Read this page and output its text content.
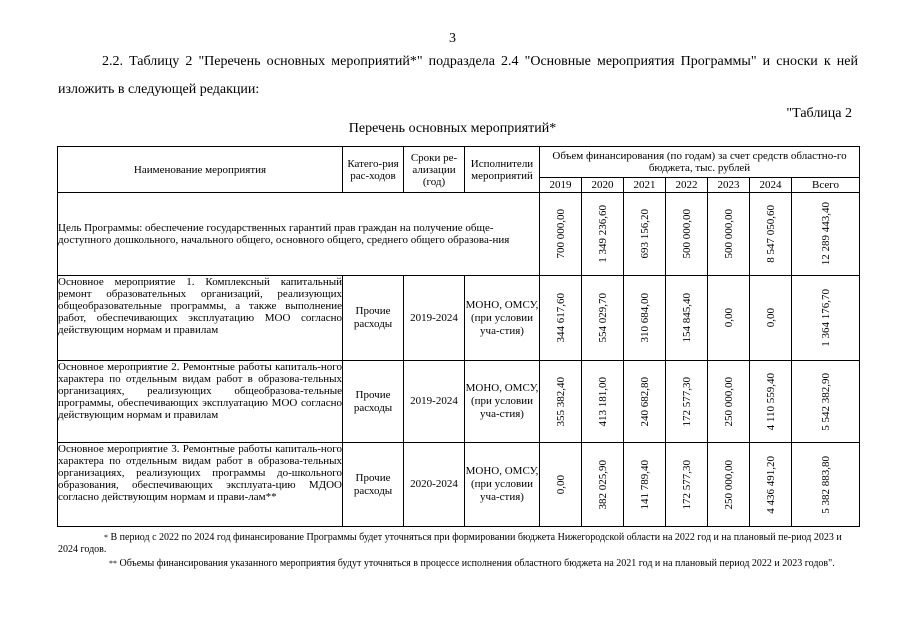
3
2.2. Таблицу 2 "Перечень основных мероприятий*" подраздела 2.4 "Основные мероприятия Программы" и сноски к ней изложить в следующей редакции:
"Таблица 2
Перечень основных мероприятий*
Наименование мероприятия	Катего-рия рас-ходов	Сроки ре-ализации (год)	Исполнители мероприятий	Объем финансирования (по годам) за счет средств областно-го бюджета, тыс. рублей						
				2019	2020	2021	2022	2023	2024	Всего
Цель Программы: обеспечение государственных гарантий прав граждан на получение обще-доступного дошкольного, начального общего, основного общего, среднего общего образова-ния				700 000,00	1 349 236,60	693 156,20	500 000,00	500 000,00	8 547 050,60	12 289 443,40

Основное мероприятие 1. Комплексный капитальный ремонт образовательных организаций, реализующих общеобразовательные программы, а также выполнение работ, обеспечивающих эксплуатацию МОО согласно действующим нормам и правилам	Прочие расходы	2019-2024	МОНО, ОМСУ, (при условии уча-стия)	344 617,60	554 029,70	310 684,00	154 845,40	0,00	0,00	1 364 176,70

Основное мероприятие 2. Ремонтные работы капиталь-ного характера по отдельным видам работ в образова-тельных организациях, реализующих общеобразова-тельные программы, обеспечивающих эксплуатацию МОО согласно действующим нормам и правилам	Прочие расходы	2019-2024	МОНО, ОМСУ, (при условии уча-стия)	355 382,40	413 181,00	240 682,80	172 577,30	250 000,00	4 110 559,40	5 542 382,90

Основное мероприятие 3. Ремонтные работы капиталь-ного характера по отдельным видам работ в образова-тельных организациях, реализующих программы до-школьного образования, обеспечивающих эксплуата-цию МДОО согласно действующим нормам и прави-лам**	Прочие расходы	2020-2024	МОНО, ОМСУ, (при условии уча-стия)	0,00	382 025,90	141 789,40	172 577,30	250 000,00	4 436 491,20	5 382 883,80
* В период с 2022 по 2024 год финансирование Программы будет уточняться при формировании бюджета Нижегородской области на 2022 год и на плановый пе-риод 2023 и 2024 годов.
** Объемы финансирования указанного мероприятия будут уточняться в процессе исполнения областного бюджета на 2021 год и на плановый период 2022 и 2023 годов".
